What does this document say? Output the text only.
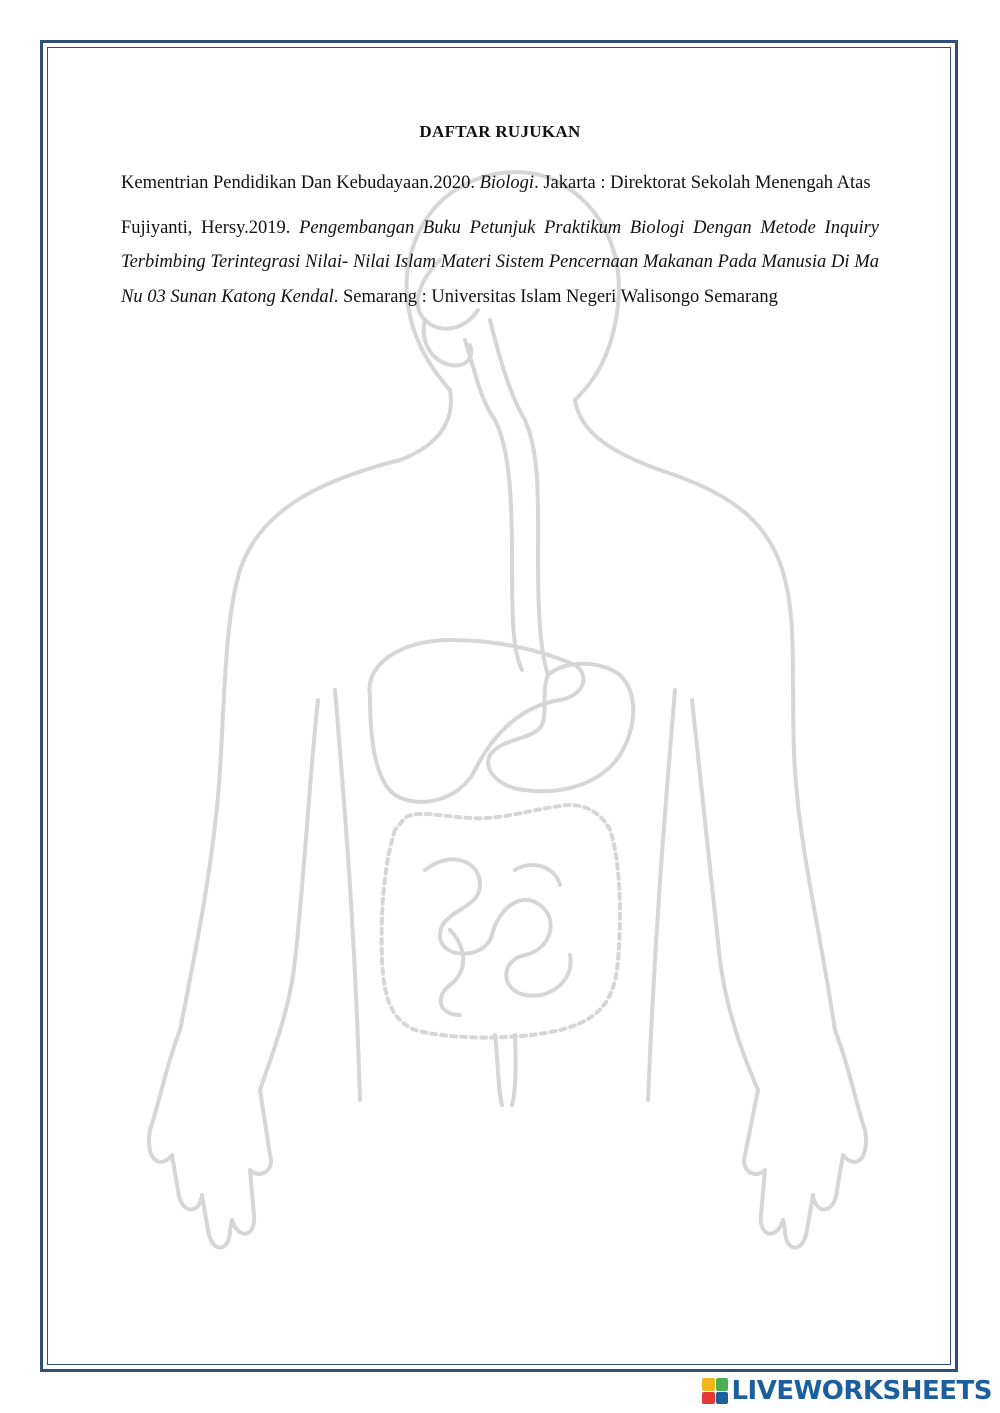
DAFTAR RUJUKAN

Kementrian Pendidikan Dan Kebudayaan.2020. Biologi. Jakarta : Direktorat Sekolah Menengah Atas

Fujiyanti, Hersy.2019. Pengembangan Buku Petunjuk Praktikum Biologi Dengan Metode Inquiry Terbimbing Terintegrasi Nilai- Nilai Islam Materi Sistem Pencernaan Makanan Pada Manusia Di Ma Nu 03 Sunan Katong Kendal. Semarang : Universitas Islam Negeri Walisongo Semarang

LIVEWORKSHEETS
